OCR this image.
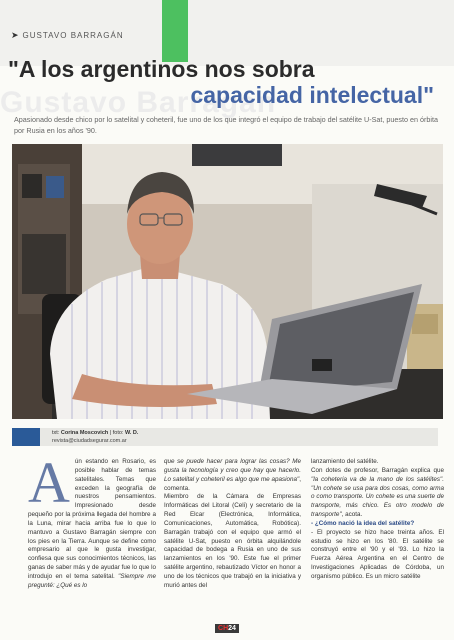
➤ GUSTAVO BARRAGÁN
Gustavo Barragán
"A los argentinos nos sobra
capacidad intelectual"

Apasionado desde chico por lo satelital y coheteril, fue uno de los que integró el equipo de trabajo del satélite U-Sat, puesto en órbita por Rusia en los años '90.

txt: Corina Moscovich | foto: W. D.
revista@ciudadsegurar.com.ar
A ún estando en Rosario, es posible hablar de temas satelitales. Temas que exceden la geografía de nuestros pensamientos. Impresionado desde pequeño por la próxima llegada del hombre a la Luna, mirar hacia arriba fue lo que lo mantuvo a Gustavo Barragán siempre con los pies en la Tierra. Aunque se define como empresario al que le gusta investigar, confiesa que sus conocimientos técnicos, las ganas de saber más y de ayudar fue lo que lo introdujo en el tema satelital. "Siempre me pregunté: ¿Qué es lo
que se puede hacer para lograr las cosas? Me gusta la tecnología y creo que hay que hacerlo. Lo satelital y coheteril es algo que me apasiona", comenta.
Miembro de la Cámara de Empresas Informáticas del Litoral (Celi) y secretario de la Red Elcar (Electrónica, Informática, Comunicaciones, Automática, Robótica). Barragán trabajó con el equipo que armó el satélite U-Sat, puesto en órbita alquilándole capacidad de bodega a Rusia en uno de sus lanzamientos en los '90. Este fue el primer satélite argentino, rebautizado Víctor en honor a uno de los técnicos que trabajó en la iniciativa y murió antes del
lanzamiento del satélite.
Con dotes de profesor, Barragán explica que "la coheteria va de la mano de los satélites". "Un cohete se usa para dos cosas, como arma o como transporte. Un cohete es una suerte de transporte, más chico. Es otro modelo de transporte", acota.
- ¿Cómo nació la idea del satélite?
- El proyecto se hizo hace treinta años. El estudio se hizo en los '80. El satélite se construyó entre el '90 y el '93. Lo hizo la Fuerza Aérea Argentina en el Centro de Investigaciones Aplicadas de Córdoba, un organismo público. Es un micro satélite
CH24
